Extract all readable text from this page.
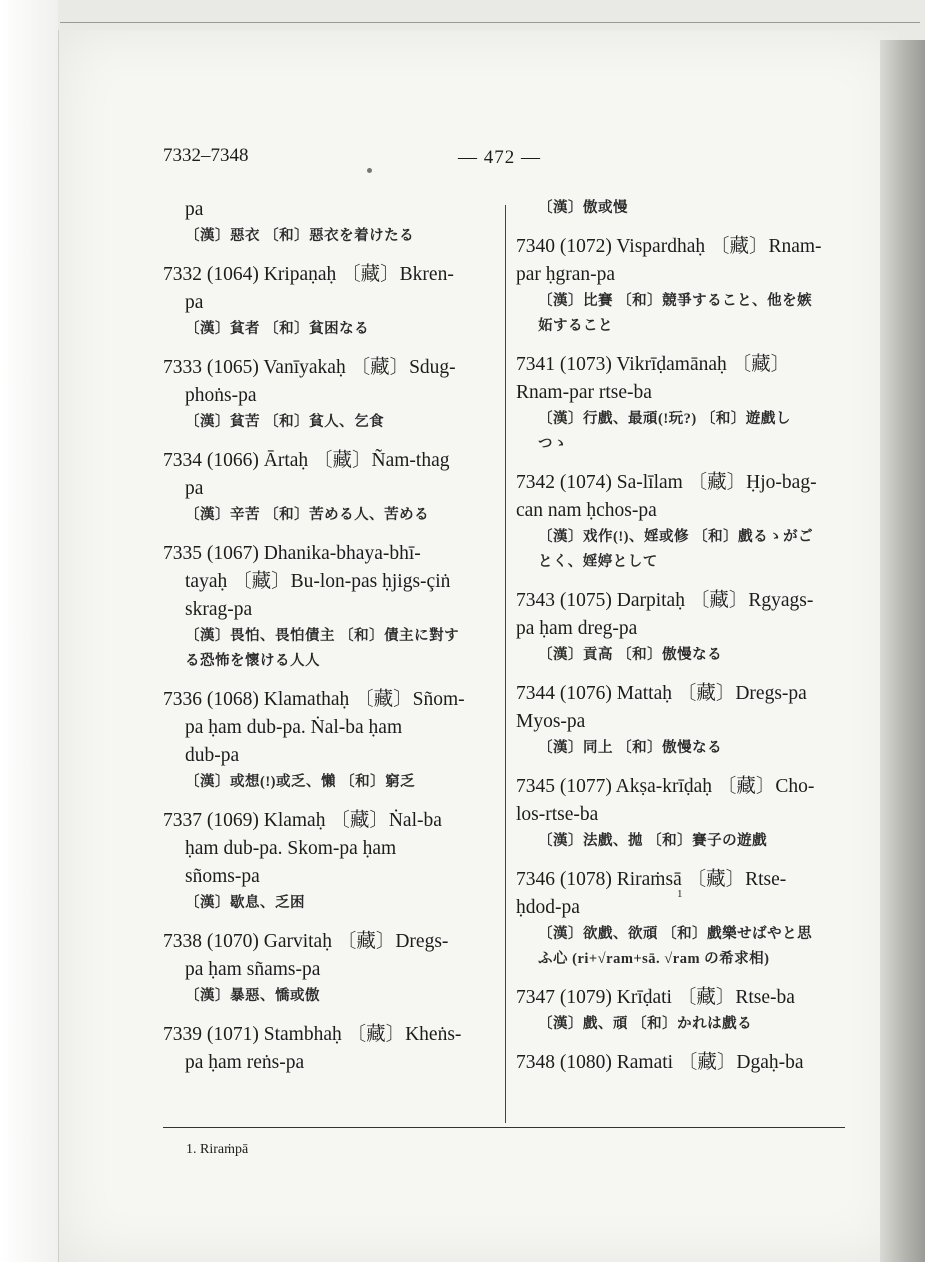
7332–7348	— 472 —
pa
〔漢〕惡衣 〔和〕惡衣を着けたる
7332 (1064) Kripaṇaḥ 〔藏〕Bkren-
pa
〔漢〕貧者 〔和〕貧困なる
7333 (1065) Vanīyakaḥ 〔藏〕Sdug-
phoṅs-pa
〔漢〕貧苦 〔和〕貧人、乞食
7334 (1066) Ārtaḥ 〔藏〕Ñam-thag
pa
〔漢〕辛苦 〔和〕苦める人、苦める
7335 (1067) Dhanika-bhaya-bhī-
tayaḥ 〔藏〕Bu-lon-pas ḥjigs-çiṅ
skrag-pa
〔漢〕畏怕、畏怕債主 〔和〕債主に對す
る恐怖を懷ける人人
7336 (1068) Klamathaḥ 〔藏〕Sñom-
pa ḥam dub-pa. Ṅal-ba ḥam
dub-pa
〔漢〕或想(!)或乏、懶 〔和〕窮乏
7337 (1069) Klamaḥ 〔藏〕Ṅal-ba
ḥam dub-pa. Skom-pa ḥam
sñoms-pa
〔漢〕歇息、乏困
7338 (1070) Garvitaḥ 〔藏〕Dregs-
pa ḥam sñams-pa
〔漢〕暴惡、憍或傲
7339 (1071) Stambhaḥ 〔藏〕Kheṅs-
pa ḥam reṅs-pa
〔漢〕傲或慢
7340 (1072) Vispardhaḥ 〔藏〕Rnam-
par ḥgran-pa
〔漢〕比賽 〔和〕競爭すること、他を嫉
妬すること
7341 (1073) Vikrīḍamānaḥ 〔藏〕
Rnam-par rtse-ba
〔漢〕行戲、最頑(!玩?) 〔和〕遊戲し
つゝ
7342 (1074) Sa-līlam 〔藏〕Ḥjo-bag-
can nam ḥchos-pa
〔漢〕戏作(!)、婬或修 〔和〕戲るゝがご
とく、婬婷として
7343 (1075) Darpitaḥ 〔藏〕Rgyags-
pa ḥam dreg-pa
〔漢〕貢高 〔和〕傲慢なる
7344 (1076) Mattaḥ 〔藏〕Dregs-pa
Myos-pa
〔漢〕同上 〔和〕傲慢なる
7345 (1077) Akṣa-krīḍaḥ 〔藏〕Cho-
los-rtse-ba
〔漢〕法戲、拋 〔和〕賽子の遊戲
7346 (1078) Riraṁsā 〔藏〕Rtse-
ḥdod-pa
〔漢〕欲戲、欲頑 〔和〕戲樂せばやと思
ふ心 (ri+√ram+sā. √ram の希求相)
7347 (1079) Krīḍati 〔藏〕Rtse-ba
〔漢〕戲、頑 〔和〕かれは戲る
7348 (1080) Ramati 〔藏〕Dgaḥ-ba
1
1. Riraṁpā
